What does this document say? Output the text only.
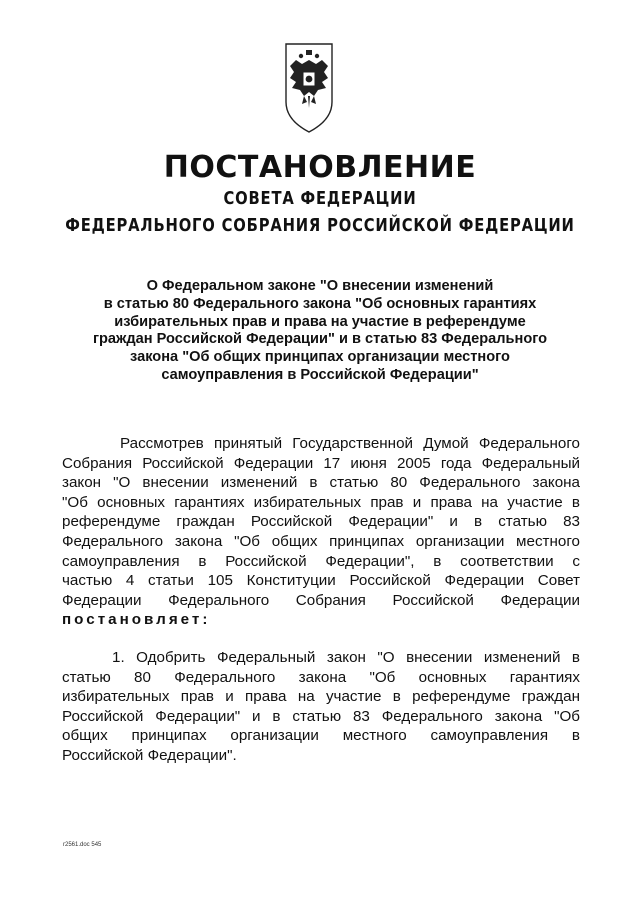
ПОСТАНОВЛЕНИЕ
СОВЕТА ФЕДЕРАЦИИ
ФЕДЕРАЛЬНОГО СОБРАНИЯ РОССИЙСКОЙ ФЕДЕРАЦИИ
О Федеральном законе "О внесении изменений
в статью 80 Федерального закона "Об основных гарантиях
избирательных прав и права на участие в референдуме
граждан Российской Федерации" и в статью 83 Федерального
закона "Об общих принципах организации местного
самоуправления в Российской Федерации"
Рассмотрев принятый Государственной Думой Федерального
Собрания Российской Федерации 17 июня 2005 года Федеральный
закон "О внесении изменений в статью 80 Федерального закона
"Об основных гарантиях избирательных прав и права на участие в
референдуме граждан Российской Федерации" и в статью 83
Федерального закона "Об общих принципах организации местного
самоуправления в Российской Федерации", в соответствии с
частью 4 статьи 105 Конституции Российской Федерации Совет
Федерации Федерального Собрания Российской Федерации
постановляет:
1. Одобрить Федеральный закон "О внесении изменений в
статью 80 Федерального закона "Об основных гарантиях
избирательных прав и права на участие в референдуме граждан
Российской Федерации" и в статью 83 Федерального закона "Об
общих принципах организации местного самоуправления в
Российской Федерации".
r2561.doc 545
